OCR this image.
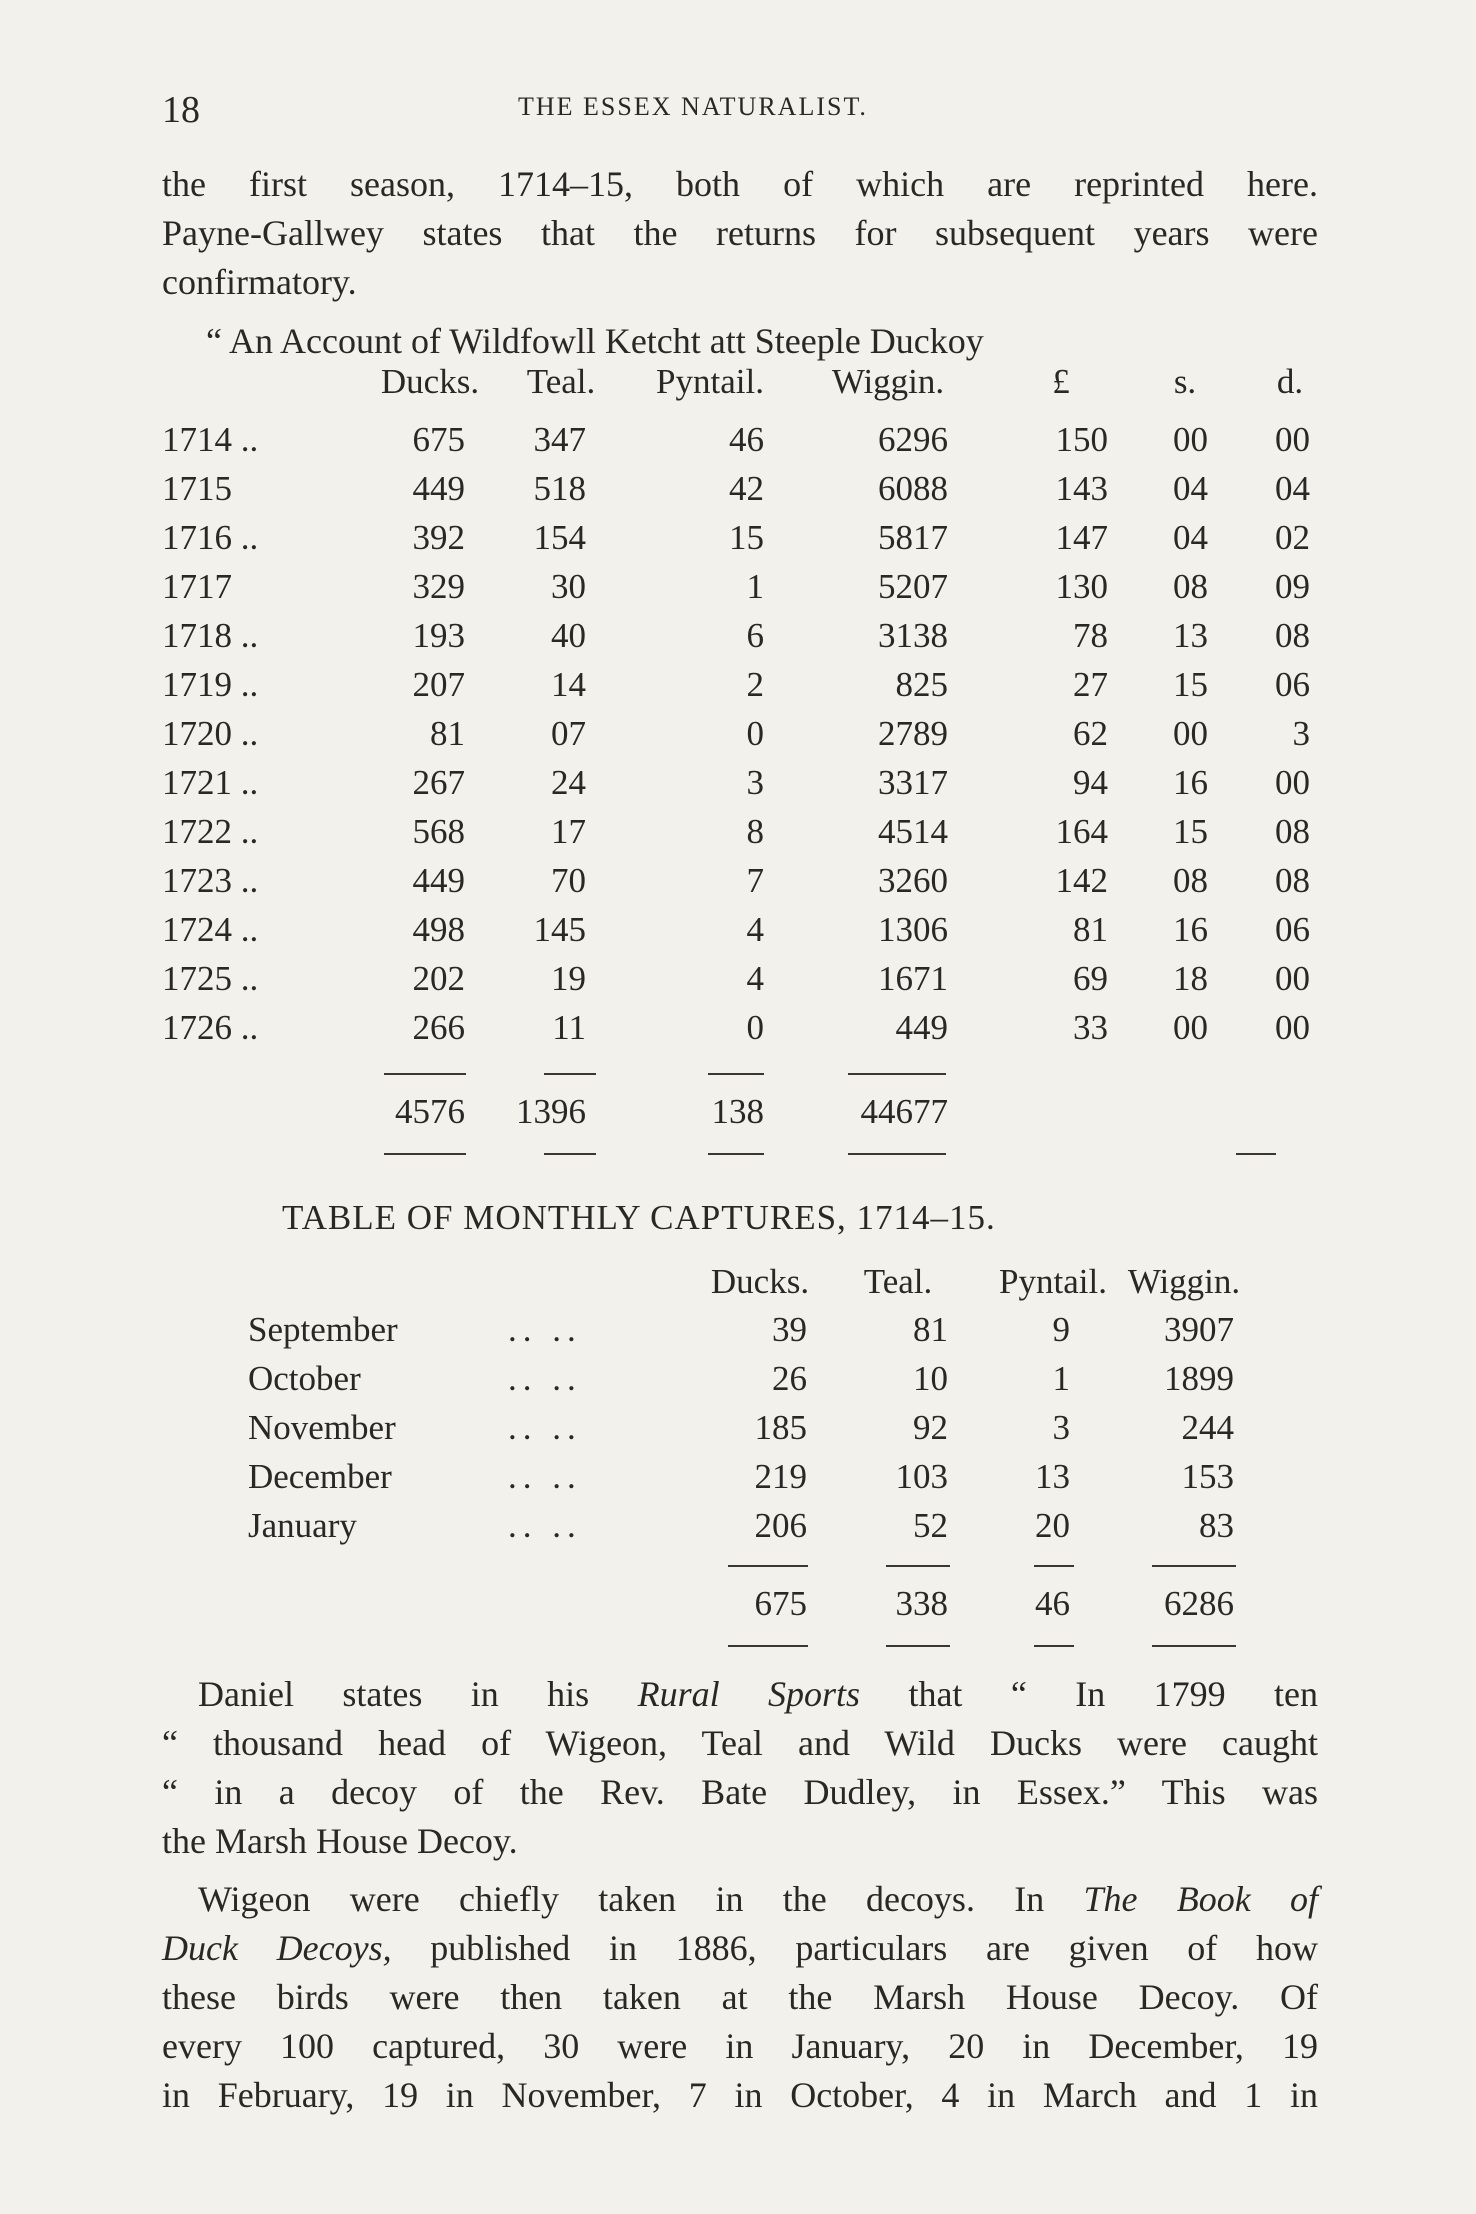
18	THE ESSEX NATURALIST.
the first season, 1714–15, both of which are reprinted here.
Payne-Gallwey states that the returns for subsequent years were
confirmatory.
“ An Account of Wildfowll Ketcht att Steeple Duckoy
Ducks. Teal. Pyntail. Wiggin.	£	s. d.
1714 ..	675 347	46	6296	150 00 00
1715	449 518	42	6088	143 04 04
1716 ..	392 154	15	5817	147 04 02
1717	329 30	1	5207	130 08 09
1718 ..	193 40	6	3138	78 13 08
1719 ..	207 14	2	825	27 15 06
1720 ..	81 07	0	2789	62 00 3
1721 ..	267 24	3	3317	94 16 00
1722 ..	568 17	8	4514	164 15 08
1723 ..	449 70	7	3260	142 08 08
1724 ..	498 145	4	1306	81 16 06
1725 ..	202 19	4	1671	69 18 00
1726 ..	266 11	0	449	33 00 00
4576 1396	138	44677
TABLE OF MONTHLY CAPTURES, 1714–15.
Ducks. Teal. Pyntail. Wiggin.
September	.. ..	39	81	9	3907
October	.. ..	26	10	1	1899
November	.. ..	185	92	3	244
December	.. ..	219	103 13	153
January	.. ..	206	52 20	83
675	338 46	6286
Daniel states in his Rural Sports that “ In 1799 ten
“ thousand head of Wigeon, Teal and Wild Ducks were caught
“ in a decoy of the Rev. Bate Dudley, in Essex.” This was
the Marsh House Decoy.
Wigeon were chiefly taken in the decoys. In The Book of
Duck Decoys, published in 1886, particulars are given of how
these birds were then taken at the Marsh House Decoy. Of
every 100 captured, 30 were in January, 20 in December, 19
in February, 19 in November, 7 in October, 4 in March and 1 in
